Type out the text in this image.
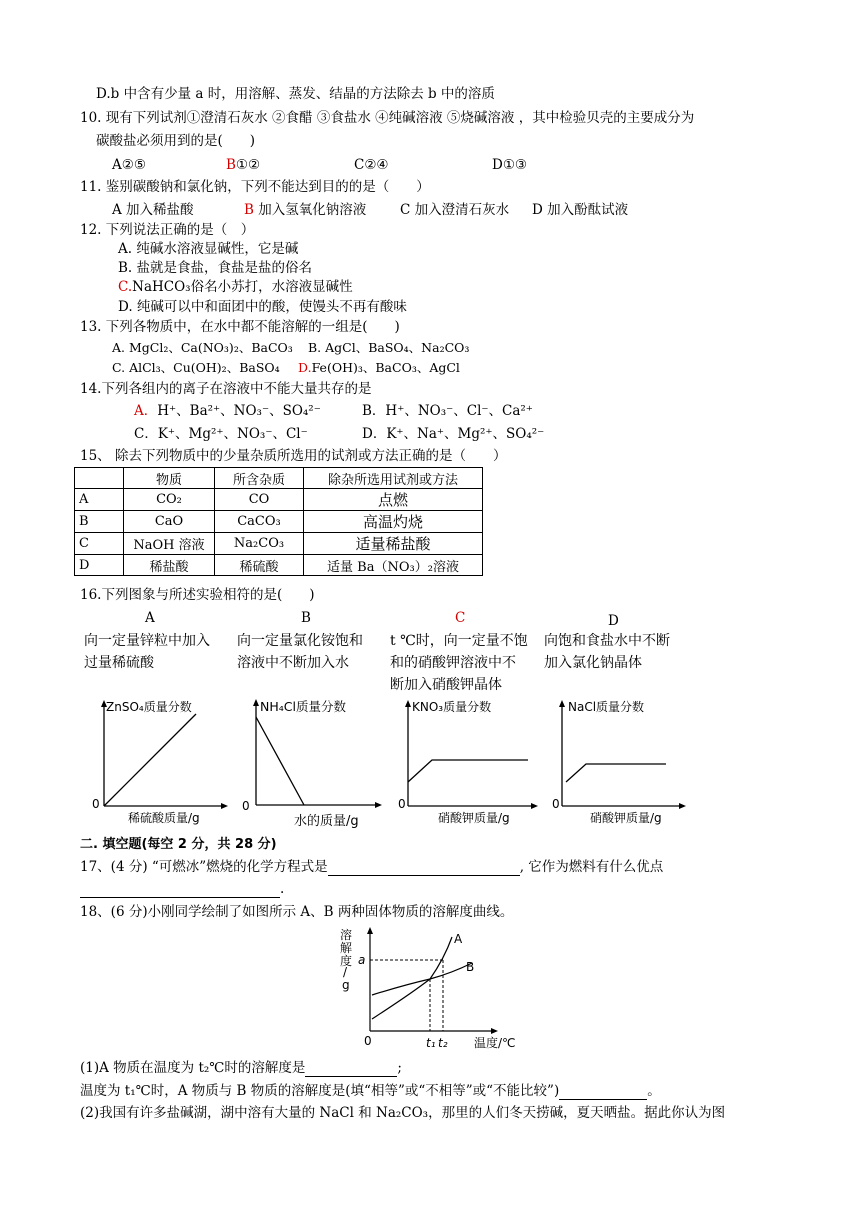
D.b 中含有少量 a 时，用溶解、蒸发、结晶的方法除去 b 中的溶质
10. 现有下列试剂①澄清石灰水 ②食醋 ③食盐水 ④纯碱溶液 ⑤烧碱溶液 ，其中检验贝壳的主要成分为
碳酸盐必须用到的是(　　)
A②⑤	B①②	C②④	D①③
11. 鉴别碳酸钠和氯化钠，下列不能达到目的的是（　　）
A 加入稀盐酸	B 加入氢氧化钠溶液	C 加入澄清石灰水 D 加入酚酞试液
12. 下列说法正确的是（　）
A. 纯碱水溶液显碱性，它是碱
B. 盐就是食盐，食盐是盐的俗名
C.NaHCO₃俗名小苏打，水溶液显碱性
D. 纯碱可以中和面团中的酸，使馒头不再有酸味
13. 下列各物质中，在水中都不能溶解的一组是(　　)
A. MgCl₂、Ca(NO₃)₂、BaCO₃ B. AgCl、BaSO₄、Na₂CO₃
C. AlCl₃、Cu(OH)₂、BaSO₄ D.Fe(OH)₃、BaCO₃、AgCl
14.下列各组内的离子在溶液中不能大量共存的是
A．H⁺、Ba²⁺、NO₃⁻、SO₄²⁻	B．H⁺、NO₃⁻、Cl⁻、Ca²⁺
C．K⁺、Mg²⁺、NO₃⁻、Cl⁻	D．K⁺、Na⁺、Mg²⁺、SO₄²⁻
15、 除去下列物质中的少量杂质所选用的试剂或方法正确的是（　　）
	物质	所含杂质	除杂所选用试剂或方法
A	CO₂	CO	点燃
B	CaO	CaCO₃	高温灼烧
C	NaOH 溶液	Na₂CO₃	适量稀盐酸
D	稀盐酸	稀硫酸	适量 Ba（NO₃）₂溶液
16.下列图象与所述实验相符的是(　　)
A	B	C	D
向一定量锌粒中加入
过量稀硫酸
向一定量氯化铵饱和
溶液中不断加入水
t ℃时，向一定量不饱
和的硝酸钾溶液中不
断加入硝酸钾晶体
向饱和食盐水中不断
加入氯化钠晶体
ZnSO₄质量分数
0
稀硫酸质量/g
NH₄Cl质量分数
0
水的质量/g
KNO₃质量分数
0
硝酸钾质量/g
NaCl质量分数
0
硝酸钾质量/g
二. 填空题(每空 2 分，共 28 分)
17、(4 分) “可燃冰”燃烧的化学方程式是	, 它作为燃料有什么优点
.
18、(6 分)小刚同学绘制了如图所示 A、B 两种固体物质的溶解度曲线。
溶
解
度
/
g
a
A
B
0	t₁ t₂ 温度/℃
(1)A 物质在温度为 t₂℃时的溶解度是	;
温度为 t₁℃时，A 物质与 B 物质的溶解度是(填“相等”或“不相等”或“不能比较”)	。
(2)我国有许多盐碱湖，湖中溶有大量的 NaCl 和 Na₂CO₃，那里的人们冬天捞碱，夏天晒盐。据此你认为图
